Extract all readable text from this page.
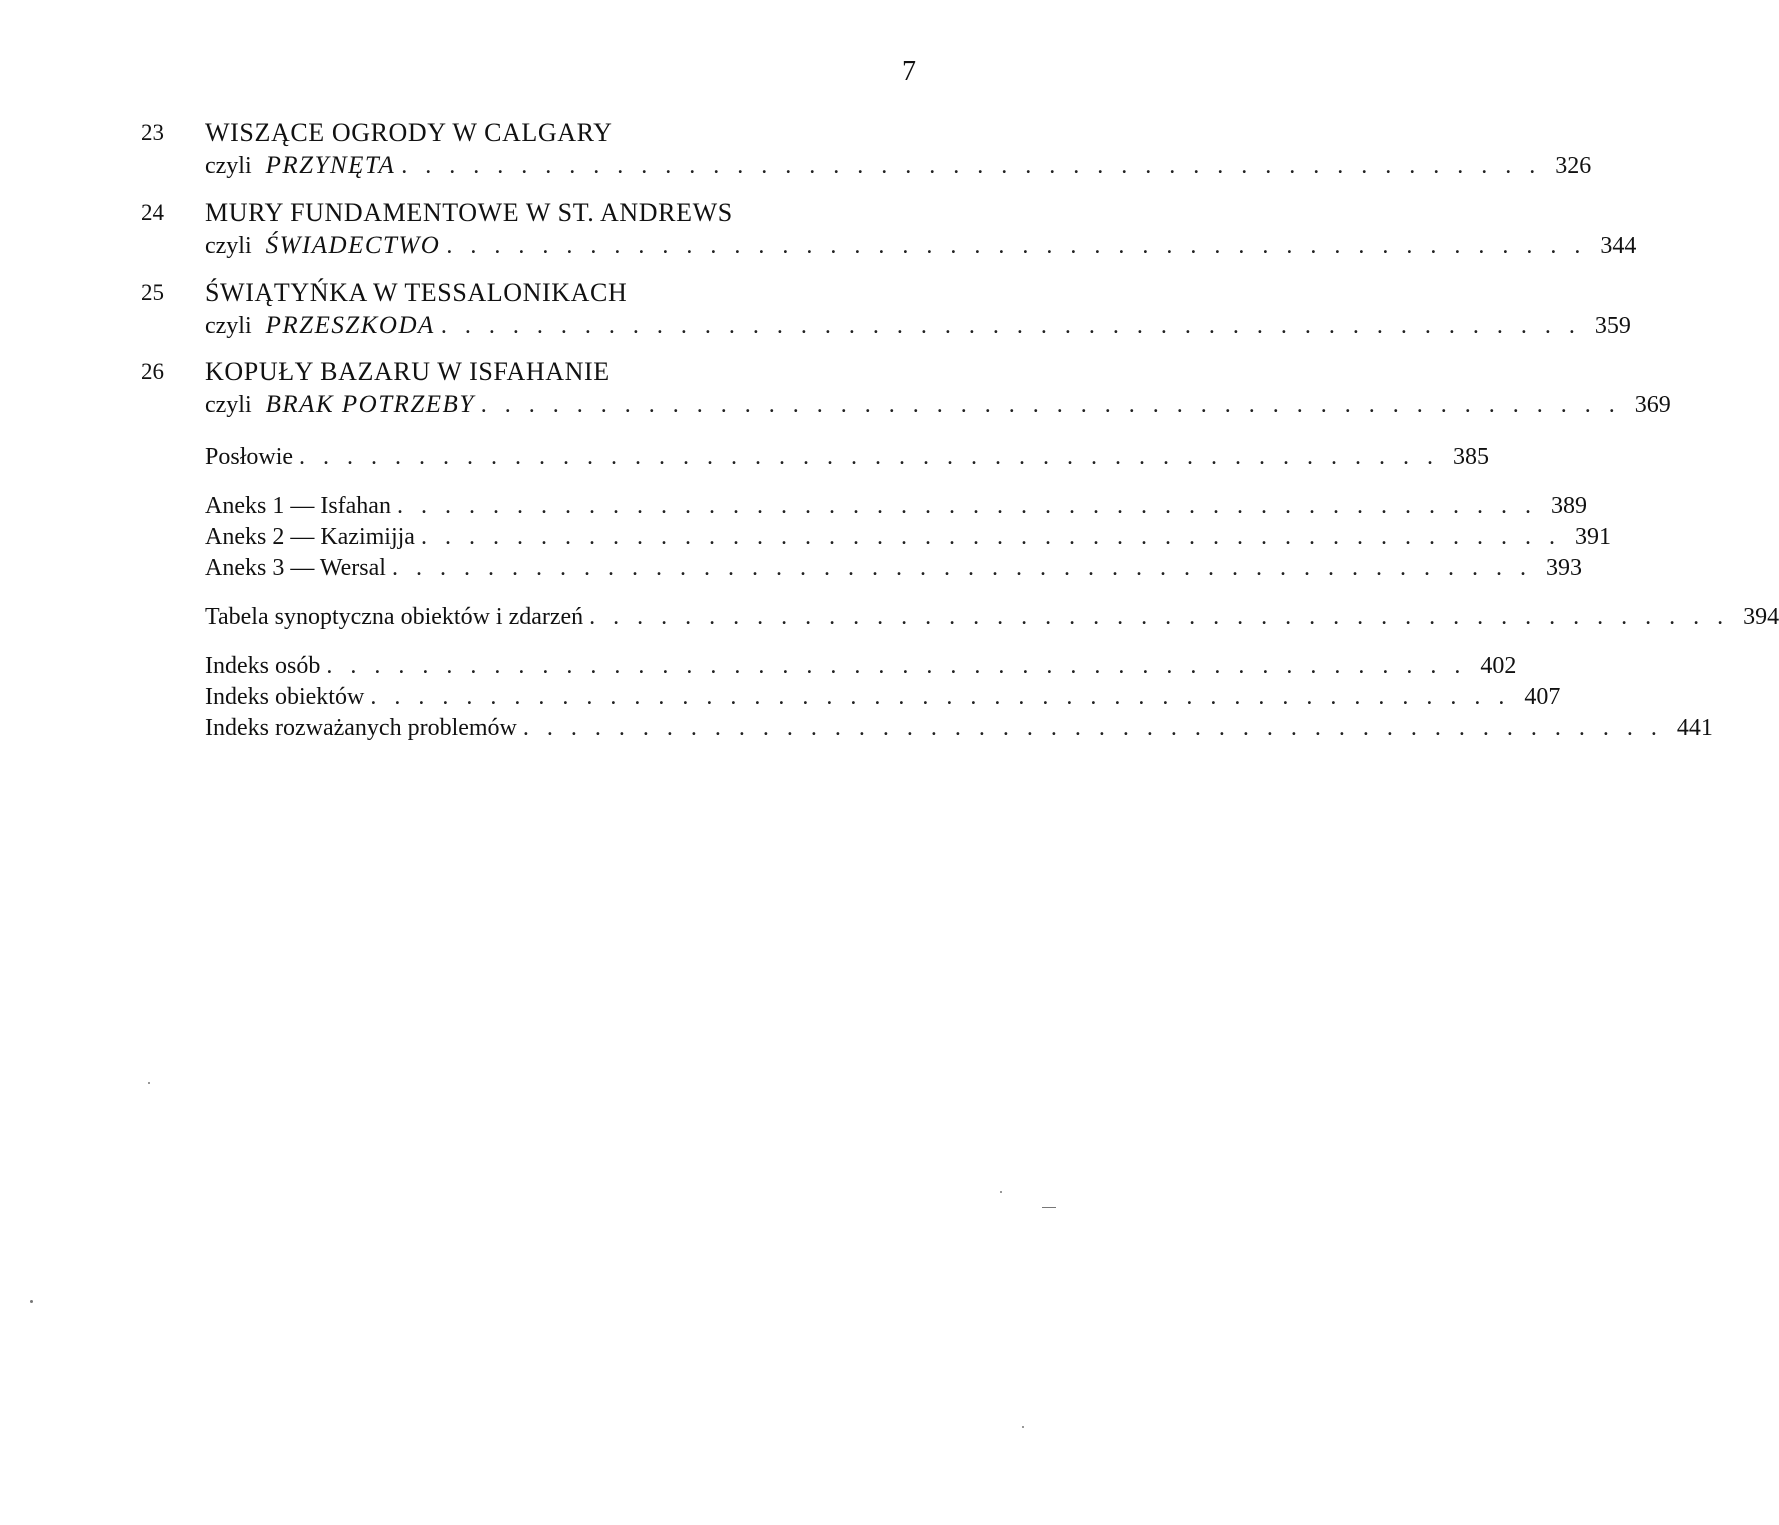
7
23 WISZĄCE OGRODY W CALGARY
czyli PRZYNĘTA . . . . . . . . . . . . . . . . . . . . . . . . . . . . . . . . . . . . . . . . . . . . . . . . 326
24 MURY FUNDAMENTOWE W ST. ANDREWS
czyli ŚWIADECTWO . . . . . . . . . . . . . . . . . . . . . . . . . . . . . . . . . . . . . . . . . . . . . . . . 344
25 ŚWIĄTYŃKA W TESSALONIKACH
czyli PRZESZKODA . . . . . . . . . . . . . . . . . . . . . . . . . . . . . . . . . . . . . . . . . . . . . . . . 359
26 KOPUŁY BAZARU W ISFAHANIE
czyli BRAK POTRZEBY . . . . . . . . . . . . . . . . . . . . . . . . . . . . . . . . . . . . . . . . . . . . . . . . 369
Posłowie . . . . . . . . . . . . . . . . . . . . . . . . . . . . . . . . . . . . . . . . . . . . . . . . 385
Aneks 1 — Isfahan . . . . . . . . . . . . . . . . . . . . . . . . . . . . . . . . . . . . . . . . . . . . . . . . 389
Aneks 2 — Kazimijja . . . . . . . . . . . . . . . . . . . . . . . . . . . . . . . . . . . . . . . . . . . . . . . . 391
Aneks 3 — Wersal . . . . . . . . . . . . . . . . . . . . . . . . . . . . . . . . . . . . . . . . . . . . . . . . 393
Tabela synoptyczna obiektów i zdarzeń . . . . . . . . . . . . . . . . . . . . . . . . . . . . . . . . . . . . . . . . . . . . . . . . 394
Indeks osób . . . . . . . . . . . . . . . . . . . . . . . . . . . . . . . . . . . . . . . . . . . . . . . . 402
Indeks obiektów . . . . . . . . . . . . . . . . . . . . . . . . . . . . . . . . . . . . . . . . . . . . . . . . 407
Indeks rozważanych problemów . . . . . . . . . . . . . . . . . . . . . . . . . . . . . . . . . . . . . . . . . . . . . . . . 441
